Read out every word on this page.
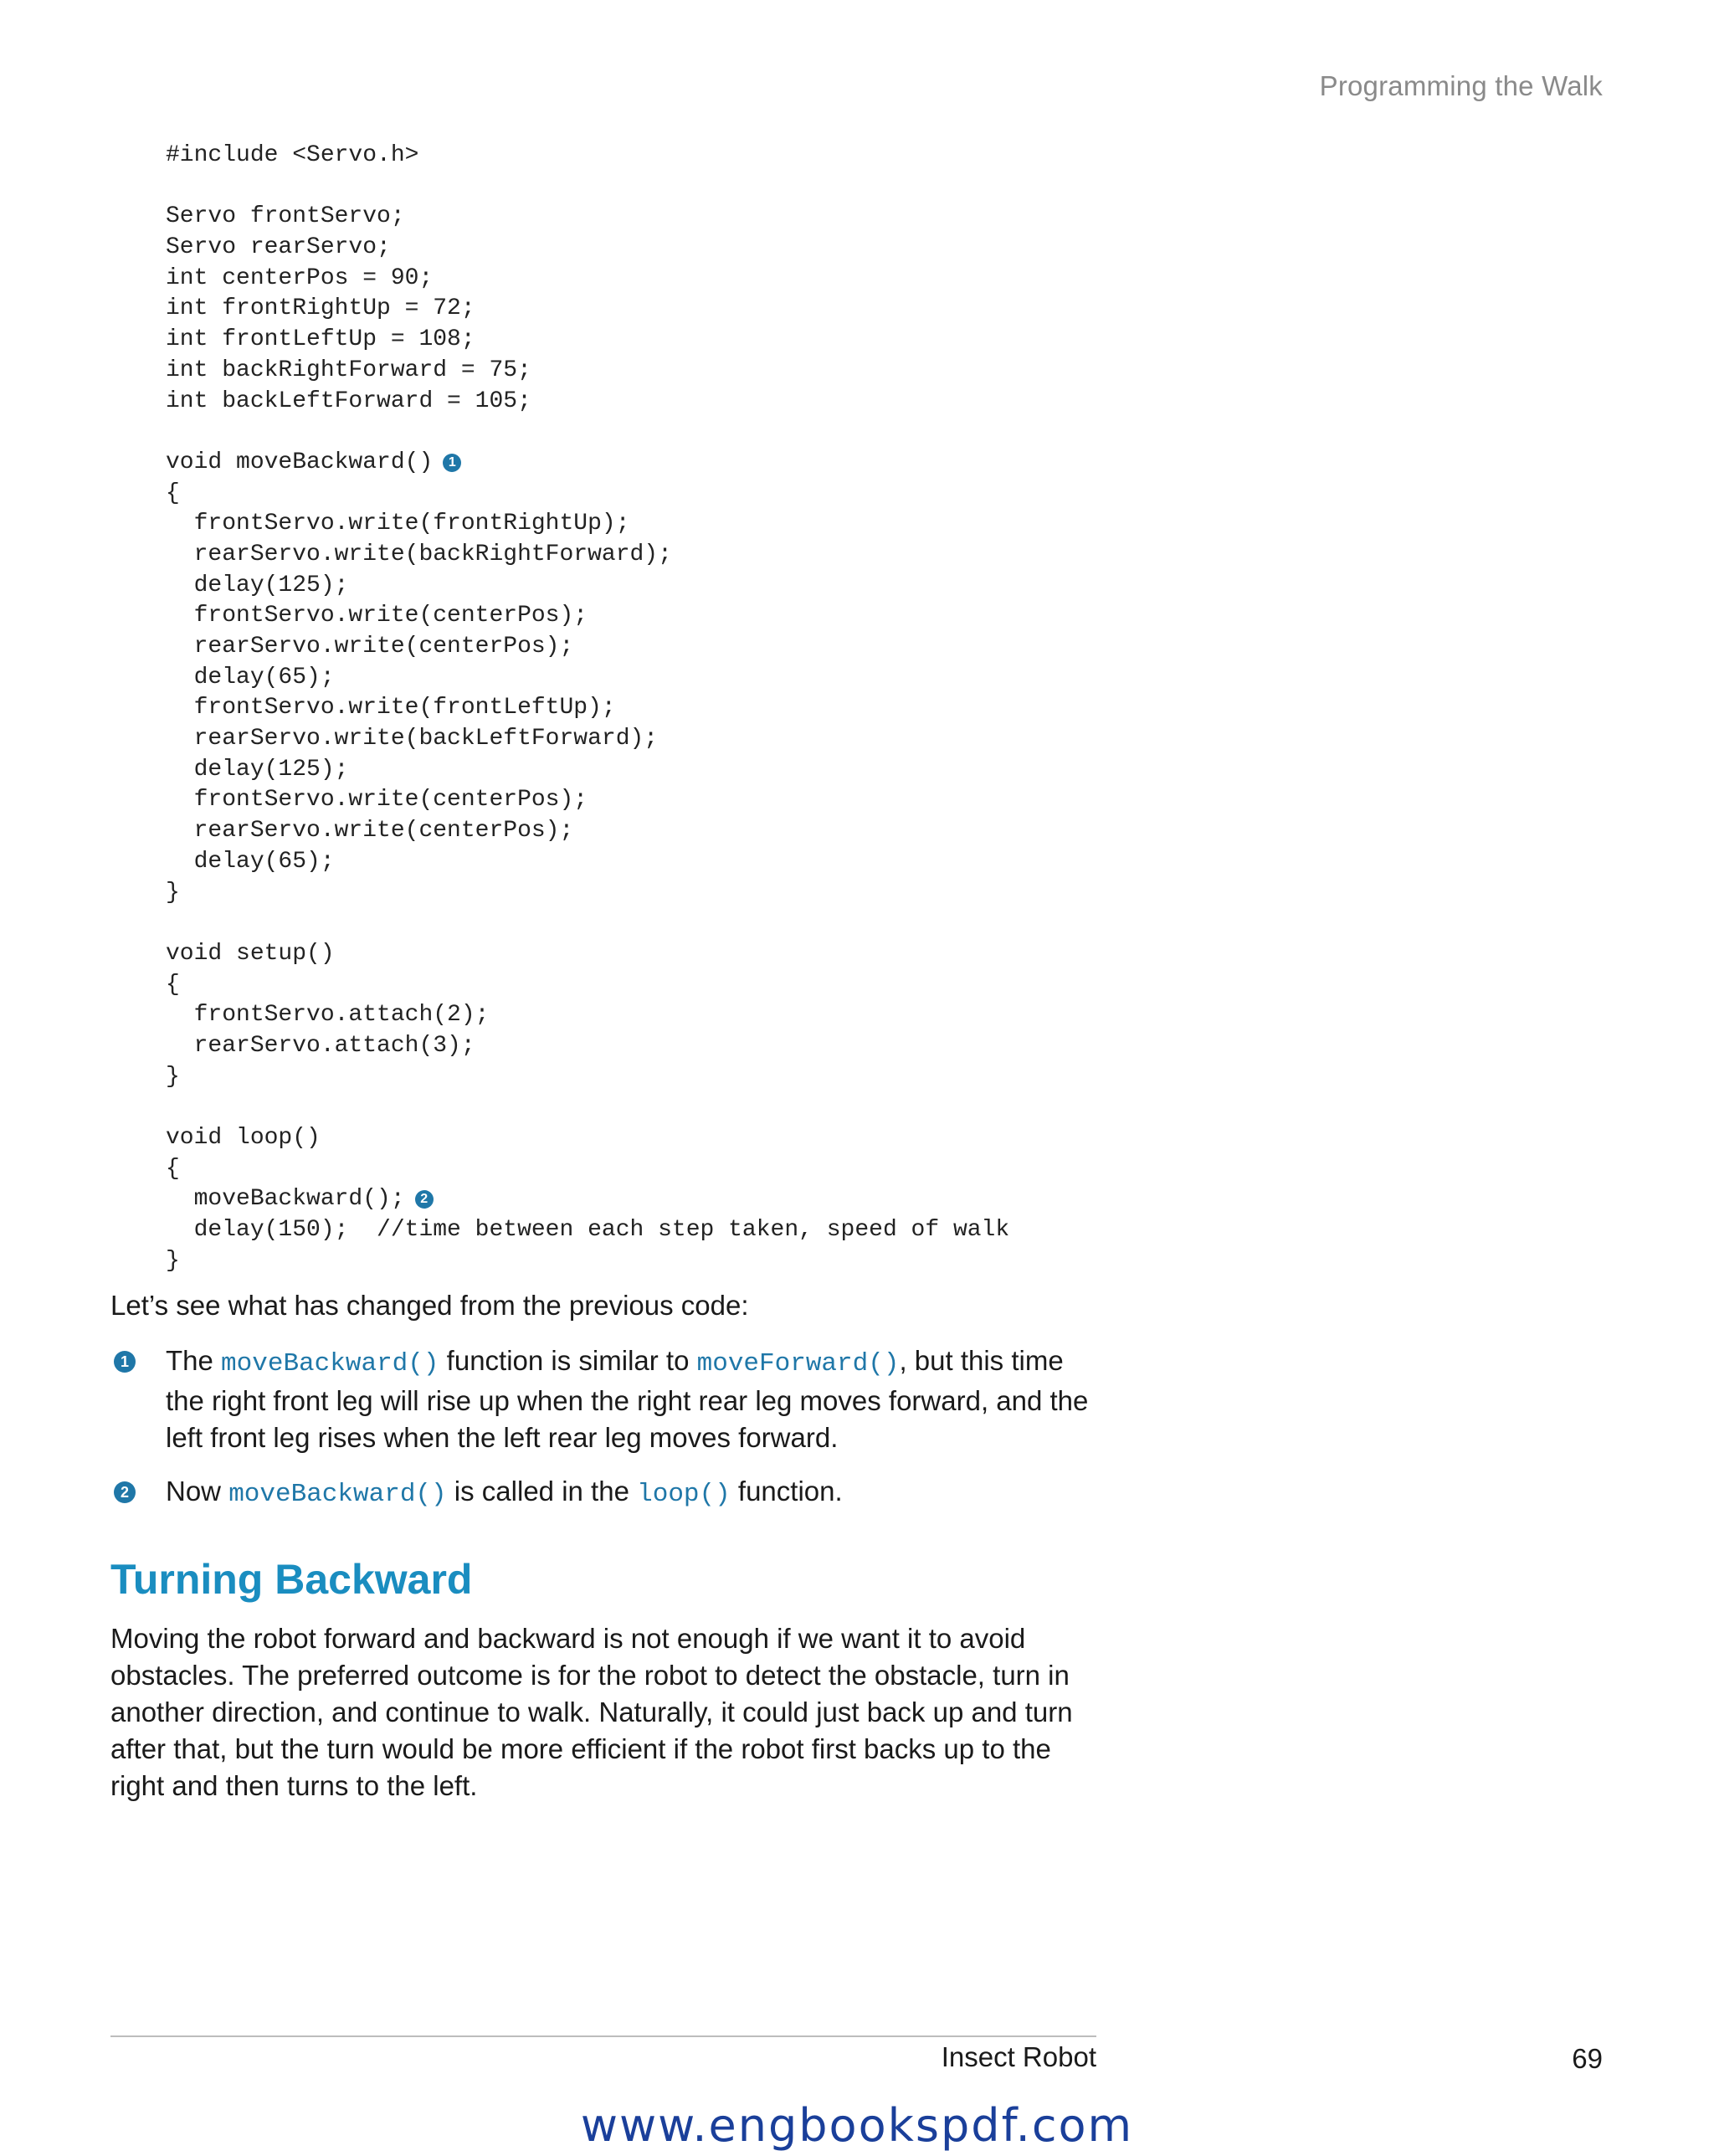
Programming the Walk
#include <Servo.h>
Servo frontServo;
Servo rearServo;
int centerPos = 90;
int frontRightUp = 72;
int frontLeftUp = 108;
int backRightForward = 75;
int backLeftForward = 105;
void moveBackward() 1
{
frontServo.write(frontRightUp);
rearServo.write(backRightForward);
delay(125);
frontServo.write(centerPos);
rearServo.write(centerPos);
delay(65);
frontServo.write(frontLeftUp);
rearServo.write(backLeftForward);
delay(125);
frontServo.write(centerPos);
rearServo.write(centerPos);
delay(65);
}
void setup()
{
frontServo.attach(2);
rearServo.attach(3);
}
void loop()
{
moveBackward(); 2
delay(150);  //time between each step taken, speed of walk
}
Let’s see what has changed from the previous code:
1 The moveBackward() function is similar to moveForward(), but this time the right front leg will rise up when the right rear leg moves forward, and the left front leg rises when the left rear leg moves forward.
2 Now moveBackward() is called in the loop() function.
Turning Backward
Moving the robot forward and backward is not enough if we want it to avoid obstacles. The preferred outcome is for the robot to detect the obstacle, turn in another direction, and continue to walk. Naturally, it could just back up and turn after that, but the turn would be more efficient if the robot first backs up to the right and then turns to the left.
Insect Robot	69
www.engbookspdf.com
